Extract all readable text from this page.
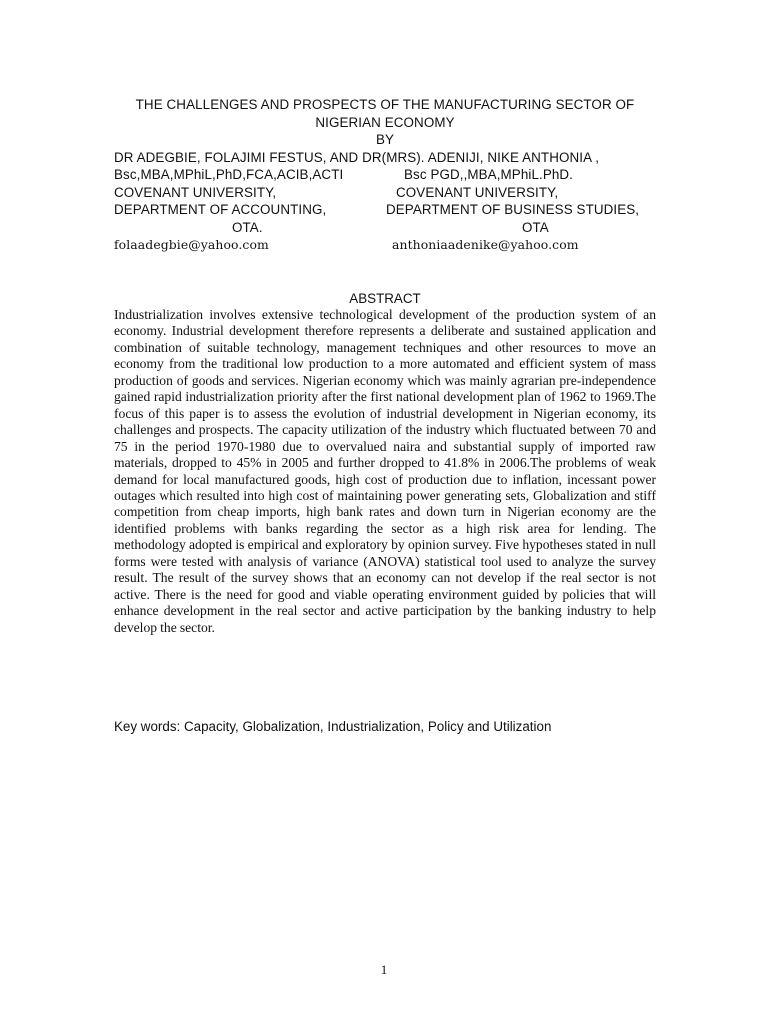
THE CHALLENGES AND PROSPECTS OF THE MANUFACTURING SECTOR OF
NIGERIAN ECONOMY
BY
DR ADEGBIE, FOLAJIMI FESTUS, AND DR(MRS). ADENIJI, NIKE ANTHONIA ,
Bsc,MBA,MPhiL,PhD,FCA,ACIB,ACTI	Bsc PGD,,MBA,MPhiL.PhD.
COVENANT UNIVERSITY,	COVENANT UNIVERSITY,
DEPARTMENT OF ACCOUNTING,	DEPARTMENT OF BUSINESS STUDIES,
OTA.	OTA
folaadegbie@yahoo.com	anthoniaadenike@yahoo.com
ABSTRACT
Industrialization involves extensive technological development of the production system of an economy. Industrial development therefore represents a deliberate and sustained application and combination of suitable technology, management techniques and other resources to move an economy from the traditional low production to a more automated and efficient system of mass production of goods and services. Nigerian economy which was mainly agrarian pre-independence gained rapid industrialization priority after the first national development plan of 1962 to 1969.The focus of this paper is to assess the evolution of industrial development in Nigerian economy, its challenges and prospects. The capacity utilization of the industry which fluctuated between 70 and 75 in the period 1970-1980 due to overvalued naira and substantial supply of imported raw materials, dropped to 45% in 2005 and further dropped to 41.8% in 2006.The problems of weak demand for local manufactured goods, high cost of production due to inflation, incessant power outages which resulted into high cost of maintaining power generating sets, Globalization and stiff competition from cheap imports, high bank rates and down turn in Nigerian economy are the identified problems with banks regarding the sector as a high risk area for lending. The methodology adopted is empirical and exploratory by opinion survey. Five hypotheses stated in null forms were tested with analysis of variance (ANOVA) statistical tool used to analyze the survey result. The result of the survey shows that an economy can not develop if the real sector is not active. There is the need for good and viable operating environment guided by policies that will enhance development in the real sector and active participation by the banking industry to help develop the sector.
Key words: Capacity, Globalization, Industrialization, Policy and Utilization
1
